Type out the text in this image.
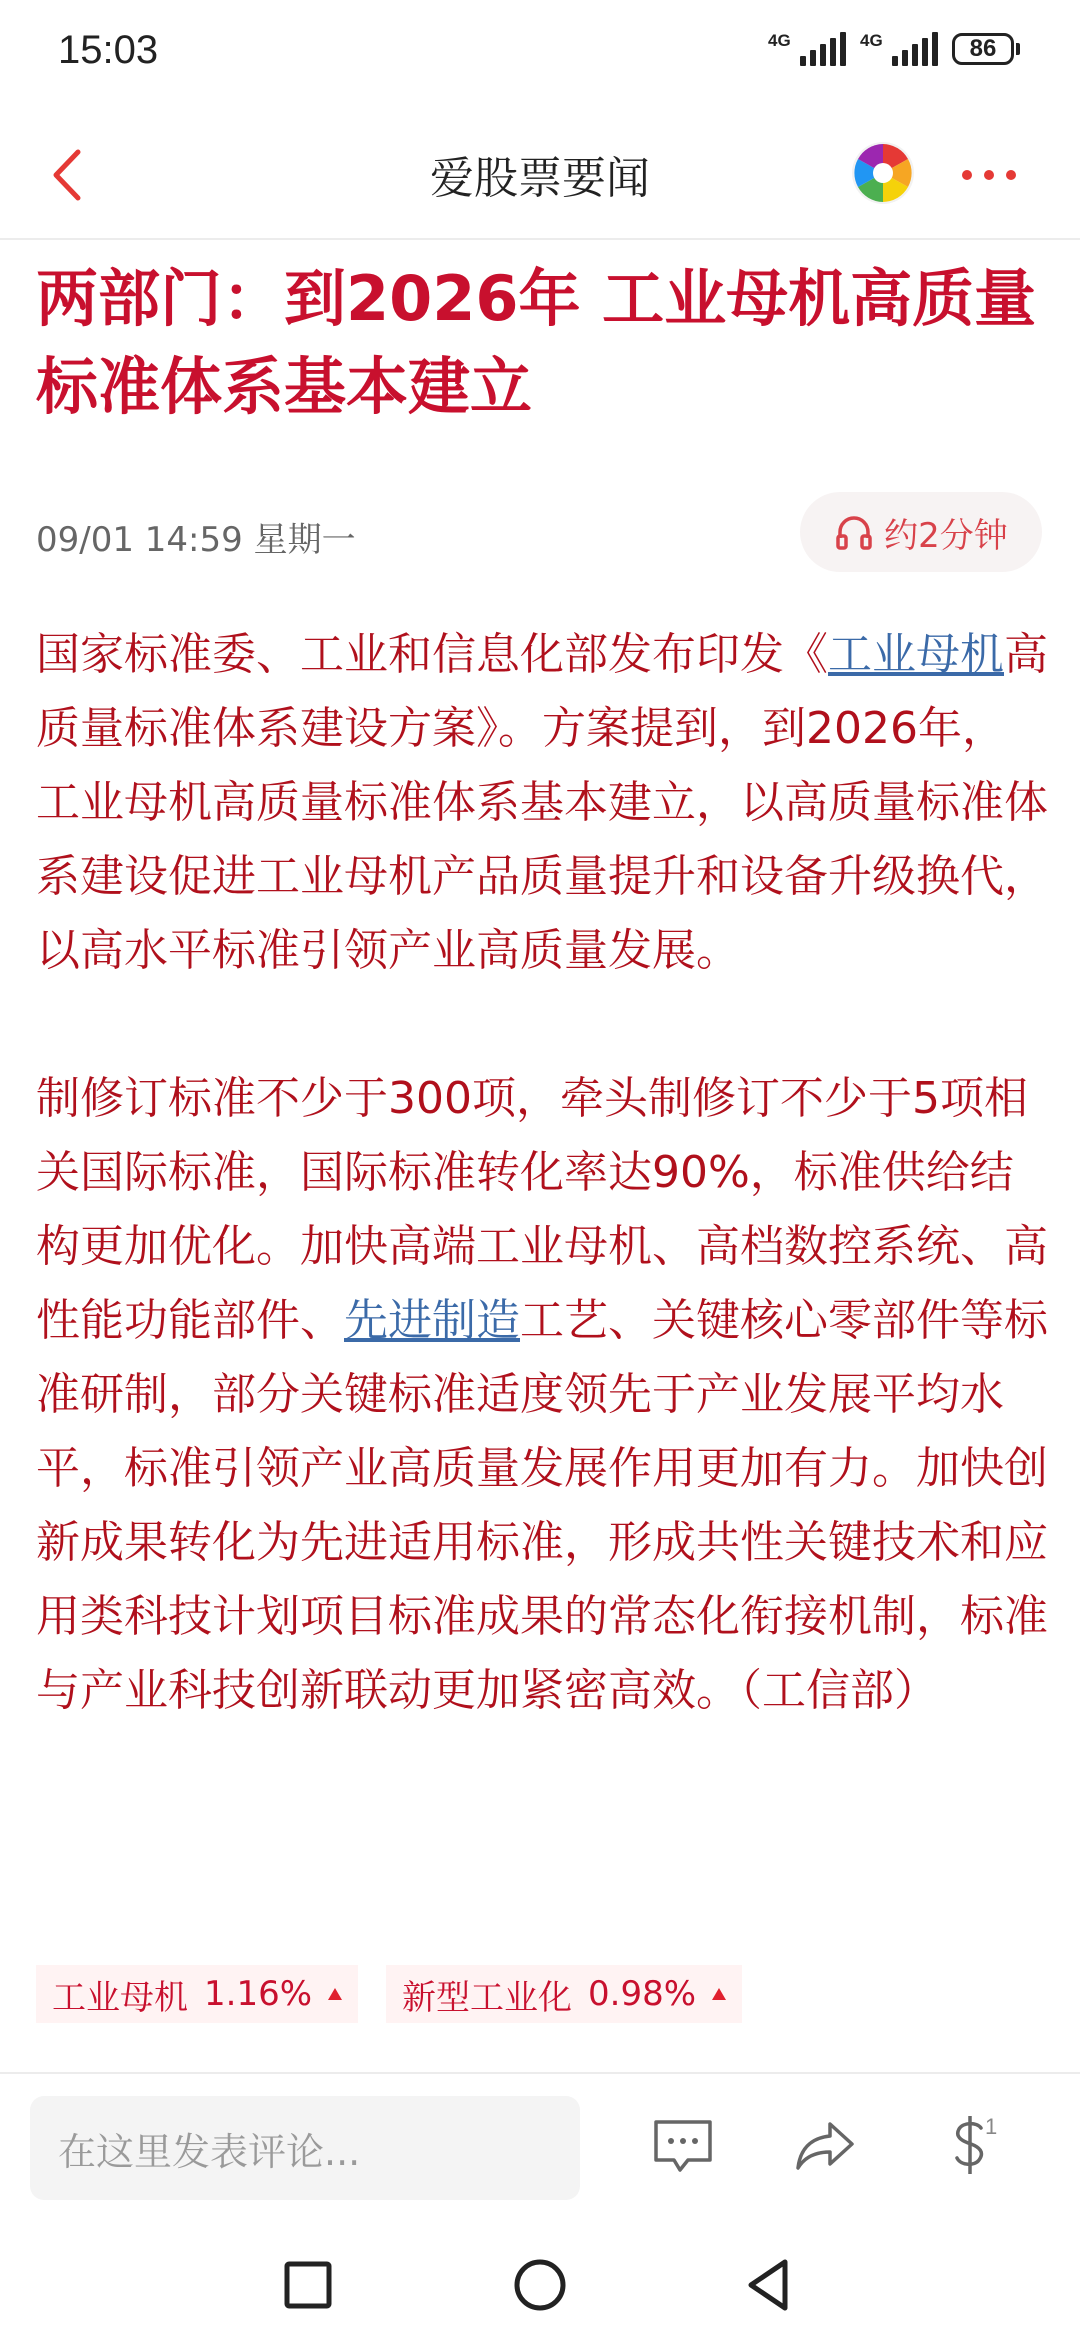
15:03	4G	4G	86
爱股票要闻
两部门：到2026年 工业母机高质量标准体系基本建立
09/01 14:59 星期一	约2分钟

国家标准委、工业和信息化部发布印发《工业母机高质量标准体系建设方案》。方案提到，到2026年，工业母机高质量标准体系基本建立，以高质量标准体系建设促进工业母机产品质量提升和设备升级换代，以高水平标准引领产业高质量发展。

制修订标准不少于300项，牵头制修订不少于5项相关国际标准，国际标准转化率达90%，标准供给结构更加优化。加快高端工业母机、高档数控系统、高性能功能部件、先进制造工艺、关键核心零部件等标准研制，部分关键标准适度领先于产业发展平均水平，标准引领产业高质量发展作用更加有力。加快创新成果转化为先进适用标准，形成共性关键技术和应用类科技计划项目标准成果的常态化衔接机制，标准与产业科技创新联动更加紧密高效。（工信部）

工业母机 1.16%	新型工业化 0.98%
在这里发表评论...
1
